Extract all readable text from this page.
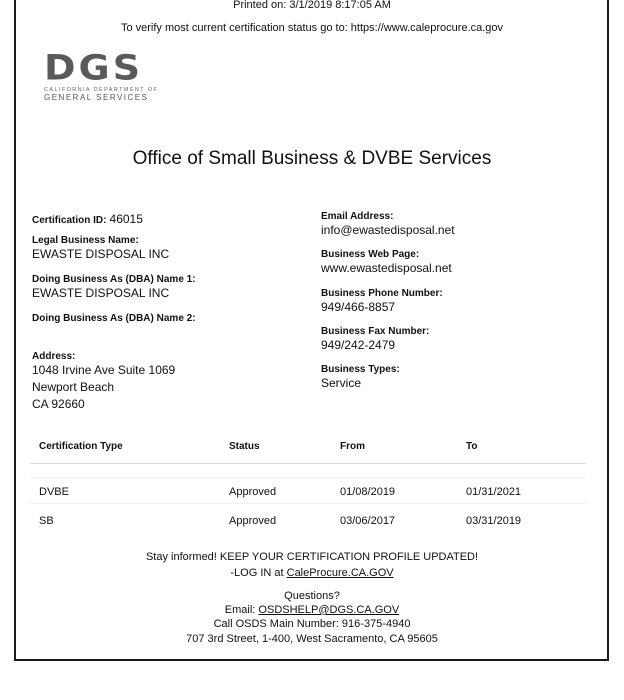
Printed on: 3/1/2019 8:17:05 AM
To verify most current certification status go to: https://www.caleprocure.ca.gov
DGS
CALIFORNIA DEPARTMENT OF
GENERAL SERVICES
Office of Small Business & DVBE Services
Certification ID: 46015
Legal Business Name:
EWASTE DISPOSAL INC
Doing Business As (DBA) Name 1:
EWASTE DISPOSAL INC
Doing Business As (DBA) Name 2:
Address:
1048 Irvine Ave Suite 1069
Newport Beach
CA 92660
Email Address:
info@ewastedisposal.net
Business Web Page:
www.ewastedisposal.net
Business Phone Number:
949/466-8857
Business Fax Number:
949/242-2479
Business Types:
Service
Certification Type	Status	From	To
DVBE	Approved	01/08/2019	01/31/2021
SB	Approved	03/06/2017	03/31/2019
Stay informed! KEEP YOUR CERTIFICATION PROFILE UPDATED!
-LOG IN at CaleProcure.CA.GOV
Questions?
Email: OSDSHELP@DGS.CA.GOV
Call OSDS Main Number: 916-375-4940
707 3rd Street, 1-400, West Sacramento, CA 95605
